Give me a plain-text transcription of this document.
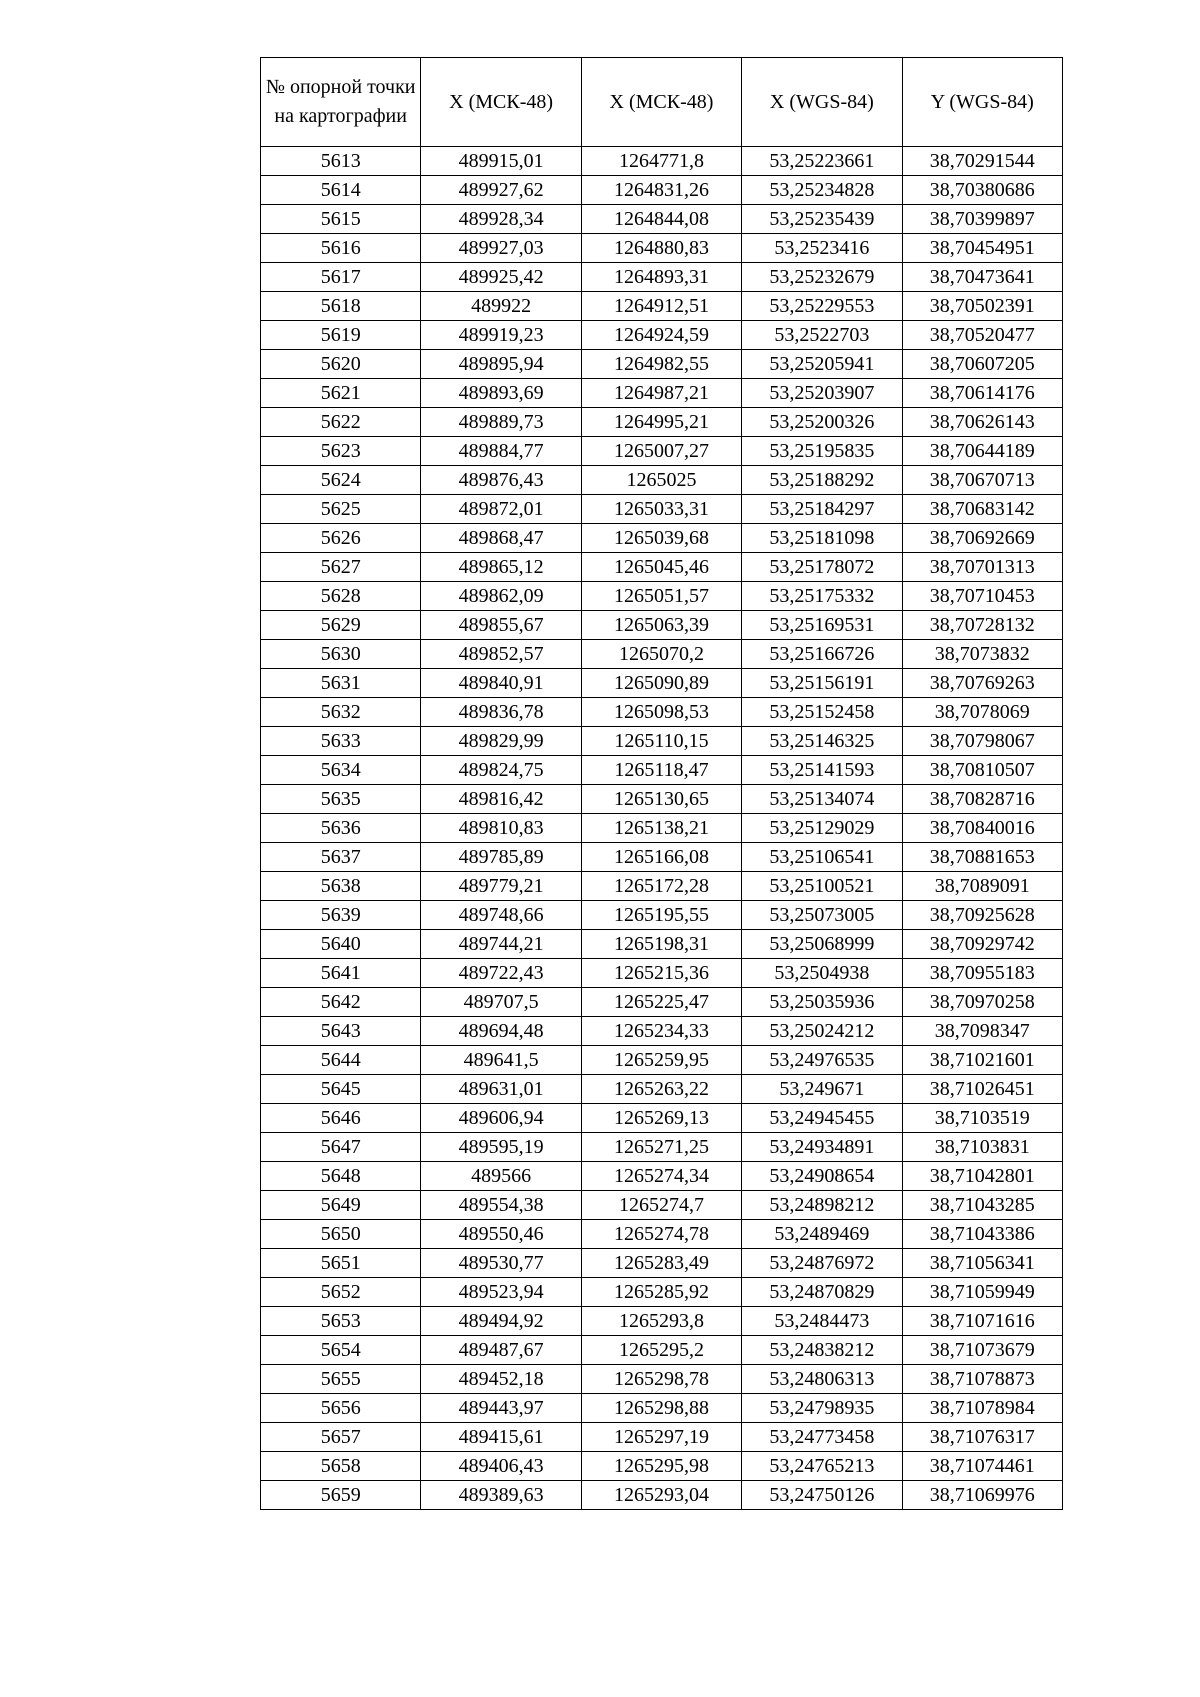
№ опорной точки на картографии	X (МСК-48)	X (МСК-48)	X (WGS-84)	Y (WGS-84)
5613	489915,01	1264771,8	53,25223661	38,70291544
5614	489927,62	1264831,26	53,25234828	38,70380686
5615	489928,34	1264844,08	53,25235439	38,70399897
5616	489927,03	1264880,83	53,2523416	38,70454951
5617	489925,42	1264893,31	53,25232679	38,70473641
5618	489922	1264912,51	53,25229553	38,70502391
5619	489919,23	1264924,59	53,2522703	38,70520477
5620	489895,94	1264982,55	53,25205941	38,70607205
5621	489893,69	1264987,21	53,25203907	38,70614176
5622	489889,73	1264995,21	53,25200326	38,70626143
5623	489884,77	1265007,27	53,25195835	38,70644189
5624	489876,43	1265025	53,25188292	38,70670713
5625	489872,01	1265033,31	53,25184297	38,70683142
5626	489868,47	1265039,68	53,25181098	38,70692669
5627	489865,12	1265045,46	53,25178072	38,70701313
5628	489862,09	1265051,57	53,25175332	38,70710453
5629	489855,67	1265063,39	53,25169531	38,70728132
5630	489852,57	1265070,2	53,25166726	38,7073832
5631	489840,91	1265090,89	53,25156191	38,70769263
5632	489836,78	1265098,53	53,25152458	38,7078069
5633	489829,99	1265110,15	53,25146325	38,70798067
5634	489824,75	1265118,47	53,25141593	38,70810507
5635	489816,42	1265130,65	53,25134074	38,70828716
5636	489810,83	1265138,21	53,25129029	38,70840016
5637	489785,89	1265166,08	53,25106541	38,70881653
5638	489779,21	1265172,28	53,25100521	38,7089091
5639	489748,66	1265195,55	53,25073005	38,70925628
5640	489744,21	1265198,31	53,25068999	38,70929742
5641	489722,43	1265215,36	53,2504938	38,70955183
5642	489707,5	1265225,47	53,25035936	38,70970258
5643	489694,48	1265234,33	53,25024212	38,7098347
5644	489641,5	1265259,95	53,24976535	38,71021601
5645	489631,01	1265263,22	53,249671	38,71026451
5646	489606,94	1265269,13	53,24945455	38,7103519
5647	489595,19	1265271,25	53,24934891	38,7103831
5648	489566	1265274,34	53,24908654	38,71042801
5649	489554,38	1265274,7	53,24898212	38,71043285
5650	489550,46	1265274,78	53,2489469	38,71043386
5651	489530,77	1265283,49	53,24876972	38,71056341
5652	489523,94	1265285,92	53,24870829	38,71059949
5653	489494,92	1265293,8	53,2484473	38,71071616
5654	489487,67	1265295,2	53,24838212	38,71073679
5655	489452,18	1265298,78	53,24806313	38,71078873
5656	489443,97	1265298,88	53,24798935	38,71078984
5657	489415,61	1265297,19	53,24773458	38,71076317
5658	489406,43	1265295,98	53,24765213	38,71074461
5659	489389,63	1265293,04	53,24750126	38,71069976
